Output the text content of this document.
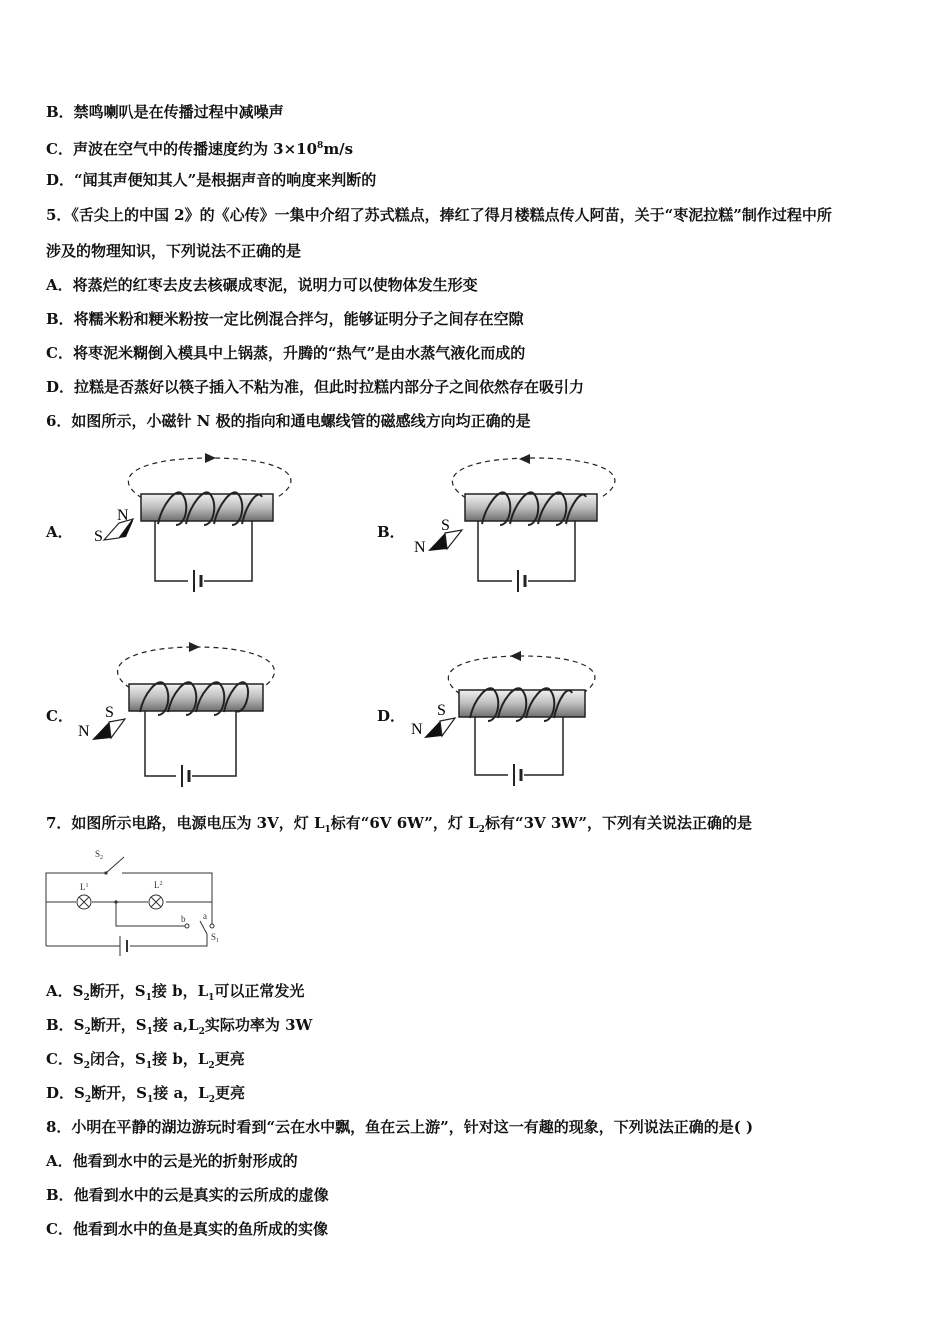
B．禁鸣喇叭是在传播过程中减噪声
C．声波在空气中的传播速度约为 $3\times 10^8m/s$
D．“闻其声便知其人”是根据声音的响度来判断的
5．《舌尖上的中国 2》的《心传》一集中介绍了苏式糕点，捧红了得月楼糕点传人阿苗，关于“枣泥拉糕”制作过程中所
涉及的物理知识，下列说法不正确的是
A．将蒸烂的红枣去皮去核碾成枣泥，说明力可以使物体发生形变
B．将糯米粉和粳米粉按一定比例混合拌匀，能够证明分子之间存在空隙
C．将枣泥米糊倒入模具中上锅蒸，升腾的“热气”是由水蒸气液化而成的
D．拉糕是否蒸好以筷子插入不粘为准，但此时拉糕内部分子之间依然存在吸引力
6．如图所示，小磁针 N 极的指向和通电螺线管的磁感线方向均正确的是
A．	B．
C．	D．
N
S
S
N
S
N
S
N
7．如图所示电路，电源电压为 3V，灯 $L_1$标有“6V 6W”，灯 $L_2$标有“3V 3W”，下列有关说法正确的是
$S_2$
$L^1$	$L^2$
b a
$S_1$
A．$S_2$断开，$S_1$接 b，$L_1$可以正常发光
B．$S_2$断开，$S_1$接 $a,L_2$实际功率为 3W
C．$S_2$闭合，$S_1$接 b，$L_2$更亮
D．$S_2$断开，$S_1$接 a，$L_2$更亮
8．小明在平静的湖边游玩时看到“云在水中飘，鱼在云上游”，针对这一有趣的现象，下列说法正确的是( )
A．他看到水中的云是光的折射形成的
B．他看到水中的云是真实的云所成的虚像
C．他看到水中的鱼是真实的鱼所成的实像
